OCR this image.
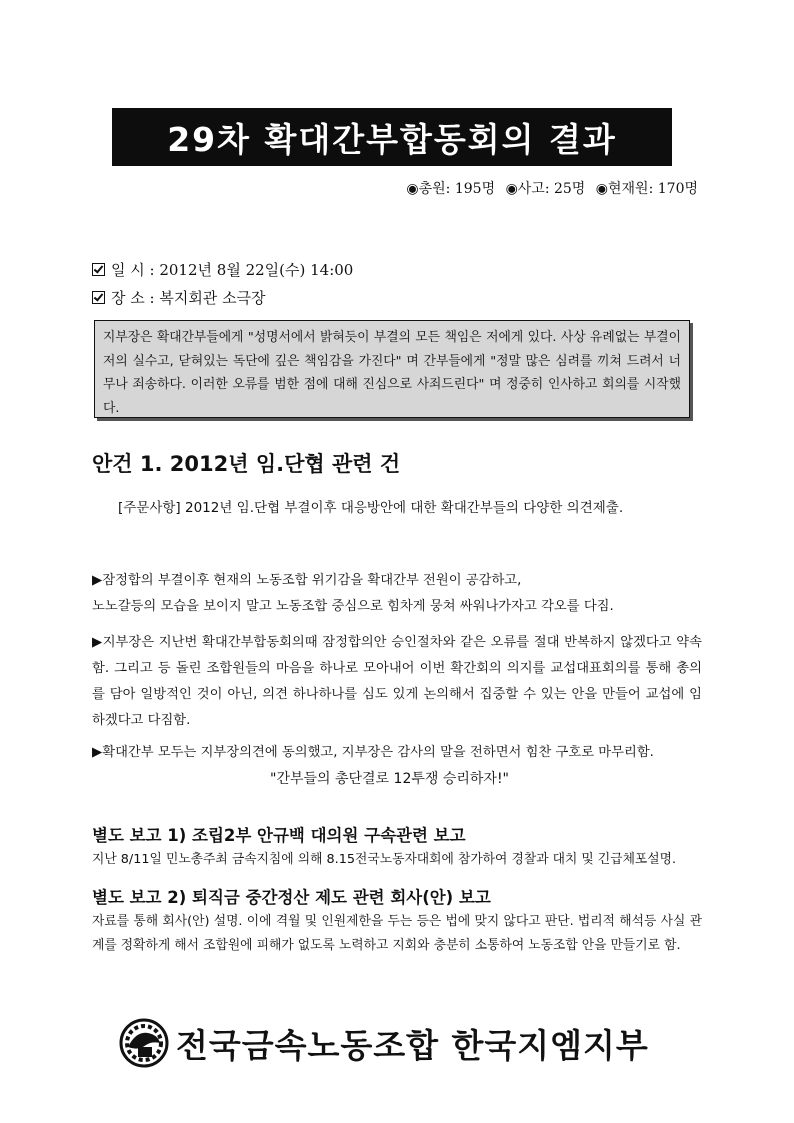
29차 확대간부합동회의 결과
◉총원: 195명 ◉사고: 25명 ◉현재원: 170명
일 시 : 2012년 8월 22일(수) 14:00
장 소 : 복지회관 소극장
지부장은 확대간부들에게 "성명서에서 밝혀듯이 부결의 모든 책임은 저에게 있다. 사상 유례없는 부결이 저의 실수고, 닫혀있는 독단에 깊은 책임감을 가진다" 며 간부들에게 "정말 많은 심려를 끼쳐 드려서 너무나 죄송하다. 이러한 오류를 범한 점에 대해 진심으로 사죄드린다" 며 정중히 인사하고 회의를 시작했다.
안건 1. 2012년 임.단협 관련 건
[주문사항] 2012년 임.단협 부결이후 대응방안에 대한 확대간부들의 다양한 의견제출.
▶잠정합의 부결이후 현재의 노동조합 위기감을 확대간부 전원이 공감하고,
노노갈등의 모습을 보이지 말고 노동조합 중심으로 힘차게 뭉쳐 싸워나가자고 각오를 다짐.
▶지부장은 지난번 확대간부합동회의때 잠정합의안 승인절차와 같은 오류를 절대 반복하지 않겠다고 약속함. 그리고 등 돌린 조합원들의 마음을 하나로 모아내어 이번 확간회의 의지를 교섭대표회의를 통해 총의를 담아 일방적인 것이 아닌, 의견 하나하나를 심도 있게 논의해서 집중할 수 있는 안을 만들어 교섭에 임하겠다고 다짐함.
▶확대간부 모두는 지부장의견에 동의했고, 지부장은 감사의 말을 전하면서 힘찬 구호로 마무리함.
"간부들의 총단결로 12투쟁 승리하자!"
별도 보고 1) 조립2부 안규백 대의원 구속관련 보고
지난 8/11일 민노총주최 금속지침에 의해 8.15전국노동자대회에 참가하여 경찰과 대치 및 긴급체포설명.
별도 보고 2) 퇴직금 중간정산 제도 관련 회사(안) 보고
자료를 통해 회사(안) 설명. 이에 격월 및 인원제한을 두는 등은 법에 맞지 않다고 판단. 법리적 해석등 사실 관계를 정확하게 해서 조합원에 피해가 없도록 노력하고 지회와 충분히 소통하여 노동조합 안을 만들기로 함.
전국금속노동조합 한국지엠지부
